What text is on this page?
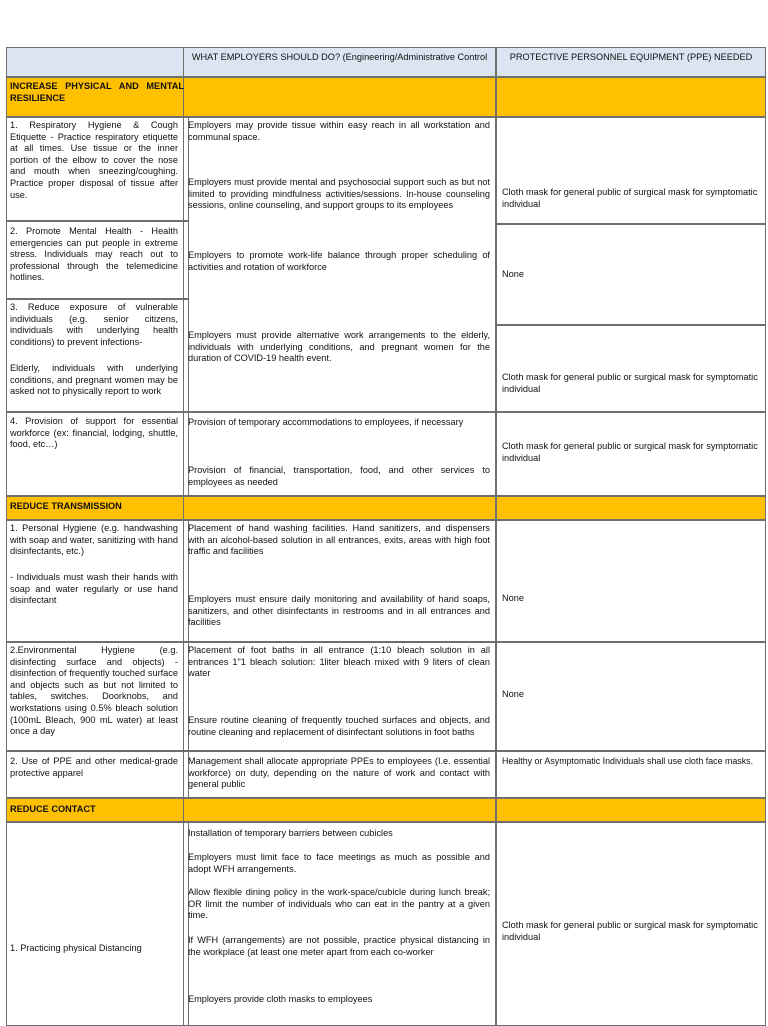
WHAT EMPLOYERS SHOULD DO? (Engineering/Administrative Control	PROTECTIVE PERSONNEL EQUIPMENT (PPE) NEEDED
INCREASE PHYSICAL AND MENTAL RESILIENCE
1. Respiratory Hygiene & Cough Etiquette - Practice respiratory etiquette at all times. Use tissue or the inner portion of the elbow to cover the nose and mouth when sneezing/coughing. Practice proper disposal of tissue after use.
2. Promote Mental Health - Health emergencies can put people in extreme stress. Individuals may reach out to professional through the telemedicine hotlines.
3. Reduce exposure of vulnerable individuals (e.g. senior citizens, individuals with underlying health conditions) to prevent infections-
Elderly, individuals with underlying conditions, and pregnant women may be asked not to physically report to work
4. Provision of support for essential workforce (ex: financial, lodging, shuttle, food, etc…)
Employers may provide tissue within easy reach in all workstation and communal space.
Employers must provide mental and psychosocial support such as but not limited to providing mindfulness activities/sessions. In-house counseling sessions, online counseling, and support groups to its employees
Employers to promote work-life balance through proper scheduling of activities and rotation of workforce
Employers must provide alternative work arrangements to the elderly, individuals with underlying conditions, and pregnant women for the duration of COVID-19 health event.
Provision of temporary accommodations to employees, if necessary
Provision of financial, transportation, food, and other services to employees as needed
Cloth mask for general public of surgical mask for symptomatic individual
None
Cloth mask for general public or surgical mask for symptomatic individual
Cloth mask for general public or surgical mask for symptomatic individual
REDUCE TRANSMISSION
1. Personal Hygiene (e.g. handwashing with soap and water, sanitizing with hand disinfectants, etc.)
- Individuals must wash their hands with soap and water regularly or use hand disinfectant
2.Environmental Hygiene (e.g. disinfecting surface and objects) - disinfection of frequently touched surface and objects such as but not limited to tables, switches. Doorknobs, and workstations using 0.5% bleach solution (100mL Bleach, 900 mL water) at least once a day
2. Use of PPE and other medical-grade protective apparel
Placement of hand washing facilities. Hand sanitizers, and dispensers with an alcohol-based solution in all entrances, exits, areas with high foot traffic and facilities
Employers must ensure daily monitoring and availability of hand soaps, sanitizers, and other disinfectants in restrooms and in all entrances and facilities
Placement of foot baths in all entrance (1:10 bleach solution in all entrances 1"1 bleach solution: 1liter bleach mixed with 9 liters of clean water
Ensure routine cleaning of frequently touched surfaces and objects, and routine cleaning and replacement of disinfectant solutions in foot baths
Management shall allocate appropriate PPEs to employees (I.e. essential workforce) on duty, depending on the nature of work and contact with general public
None
None
Healthy or Asymptomatic Individuals shall use cloth face masks.
REDUCE CONTACT
1. Practicing physical Distancing
Installation of temporary barriers between cubicles
Employers must limit face to face meetings as much as possible and adopt WFH arrangements.
Allow flexible dining policy in the work-space/cubicle during lunch break; OR limit the number of individuals who can eat in the pantry at a given time.
If WFH (arrangements) are not possible, practice physical distancing in the workplace (at least one meter apart from each co-worker
Employers provide cloth masks to employees
Cloth mask for general public or surgical mask for symptomatic individual
